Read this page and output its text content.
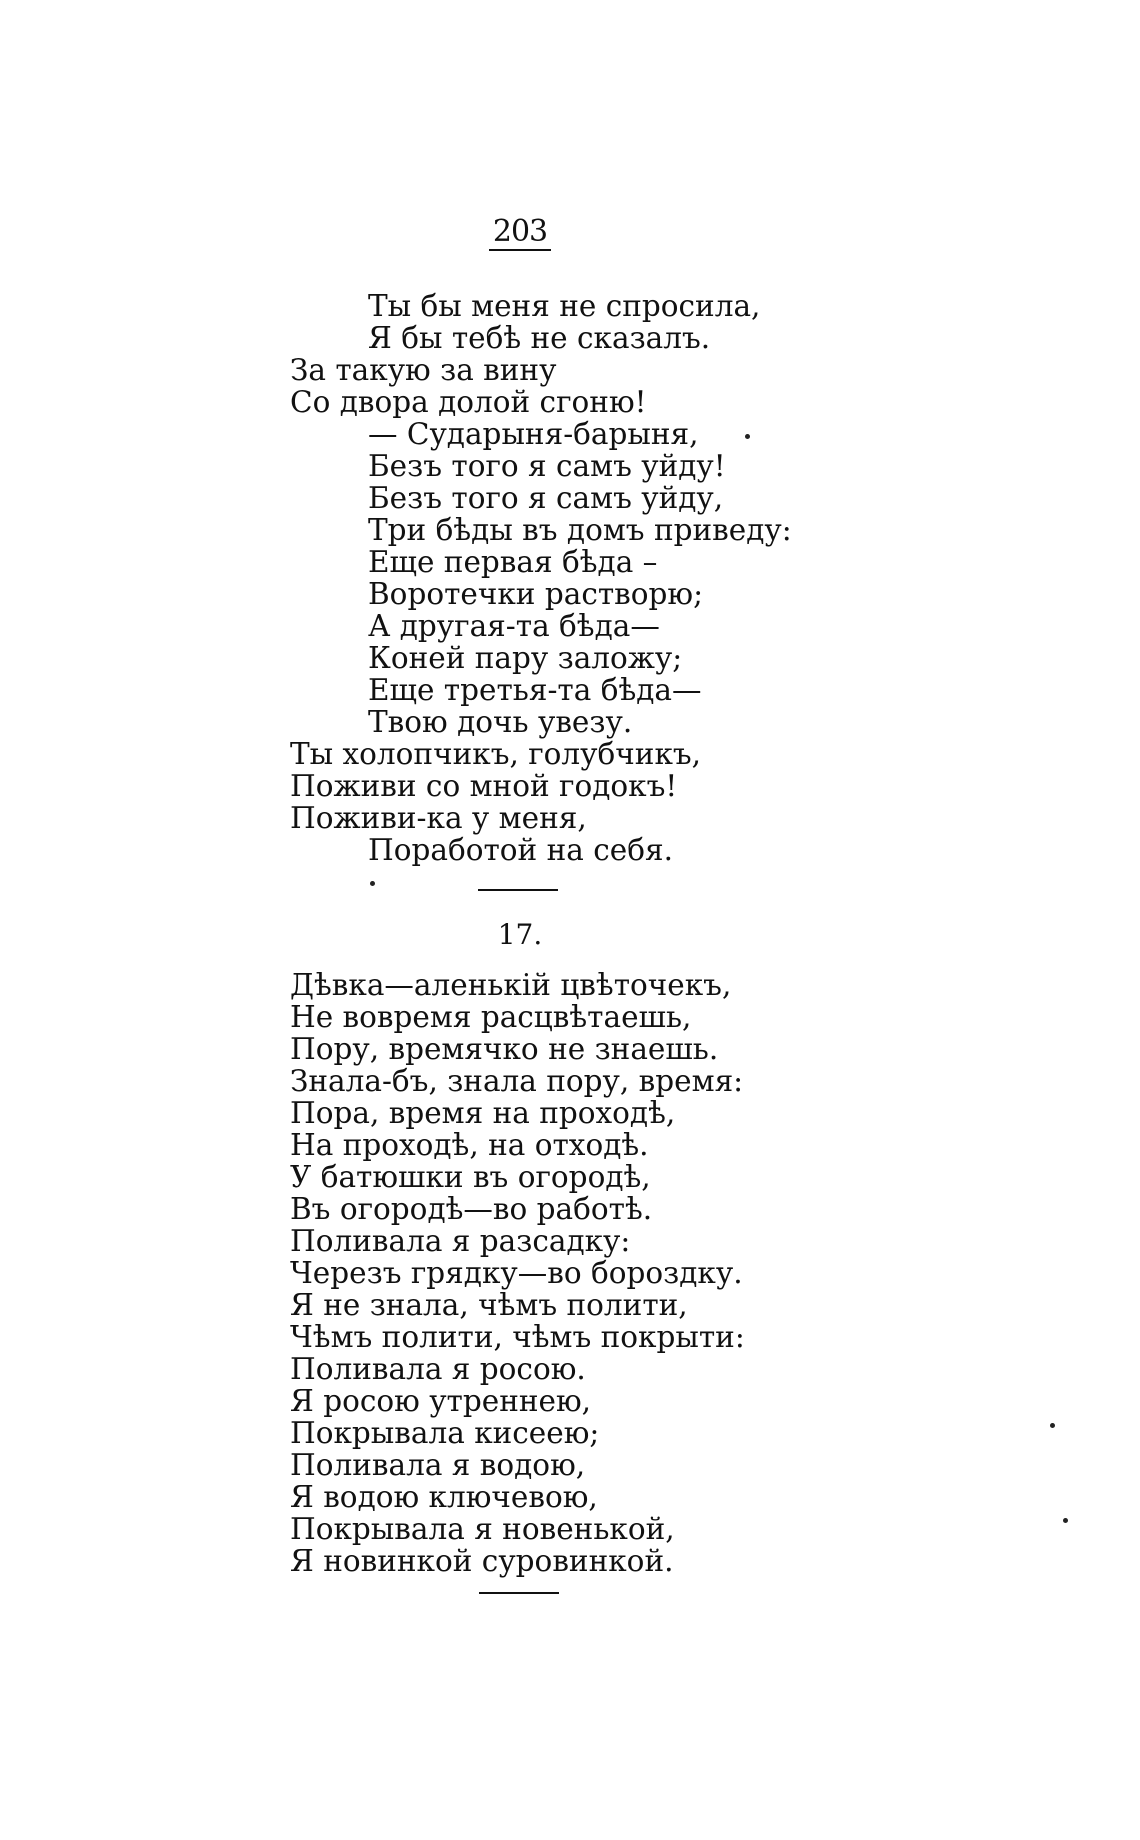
203
Ты бы меня не спросила,
Я бы тебѣ не сказалъ.
За такую за вину
Со двора долой сгоню!
— Сударыня-барыня,
Безъ того я самъ уйду!
Безъ того я самъ уйду,
Три бѣды въ домъ приведу:
Еще первая бѣда –
Воротечки растворю;
А другая-та бѣда—
Коней пару заложу;
Еще третья-та бѣда—
Твою дочь увезу.
Ты холопчикъ, голубчикъ,
Поживи со мной годокъ!
Поживи-ка у меня,
Поработой на себя.
17.
Дѣвка—аленькій цвѣточекъ,
Не вовремя расцвѣтаешь,
Пору, времячко не знаешь.
Знала-бъ, знала пору, время:
Пора, время на проходѣ,
На проходѣ, на отходѣ.
У батюшки въ огородѣ,
Въ огородѣ—во работѣ.
Поливала я разсадку:
Черезъ грядку—во бороздку.
Я не знала, чѣмъ полити,
Чѣмъ полити, чѣмъ покрыти:
Поливала я росою.
Я росою утреннею,
Покрывала кисеею;
Поливала я водою,
Я водою ключевою,
Покрывала я новенькой,
Я новинкой суровинкой.
